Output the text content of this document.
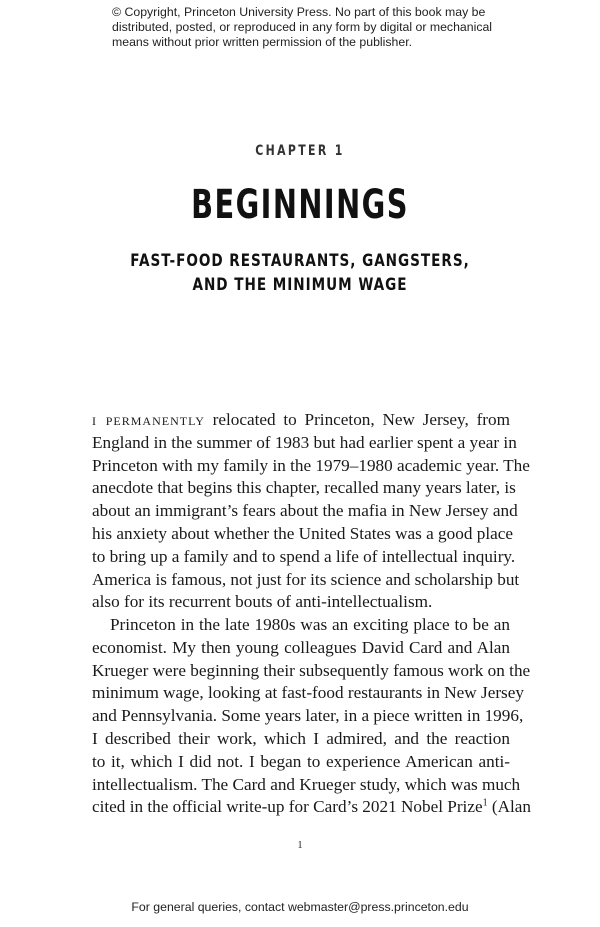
© Copyright, Princeton University Press. No part of this book may be
distributed, posted, or reproduced in any form by digital or mechanical
means without prior written permission of the publisher.
CHAPTER 1
BEGINNINGS
FAST-FOOD RESTAURANTS, GANGSTERS,
AND THE MINIMUM WAGE
i permanently relocated to Princeton, New Jersey, from
England in the summer of 1983 but had earlier spent a year in
Princeton with my family in the 1979–1980 academic year. The
anecdote that begins this chapter, recalled many years later, is
about an immigrant’s fears about the mafia in New Jersey and
his anxiety about whether the United States was a good place
to bring up a family and to spend a life of intellectual inquiry.
America is famous, not just for its science and scholarship but
also for its recurrent bouts of anti-intellectualism.
Princeton in the late 1980s was an exciting place to be an
economist. My then young colleagues David Card and Alan
Krueger were beginning their subsequently famous work on the
minimum wage, looking at fast-food restaurants in New Jersey
and Pennsylvania. Some years later, in a piece written in 1996,
I described their work, which I admired, and the reaction
to it, which I did not. I began to experience American anti-
intellectualism. The Card and Krueger study, which was much
cited in the official write-up for Card’s 2021 Nobel Prize$^1$ (Alan
1
For general queries, contact webmaster@press.princeton.edu
